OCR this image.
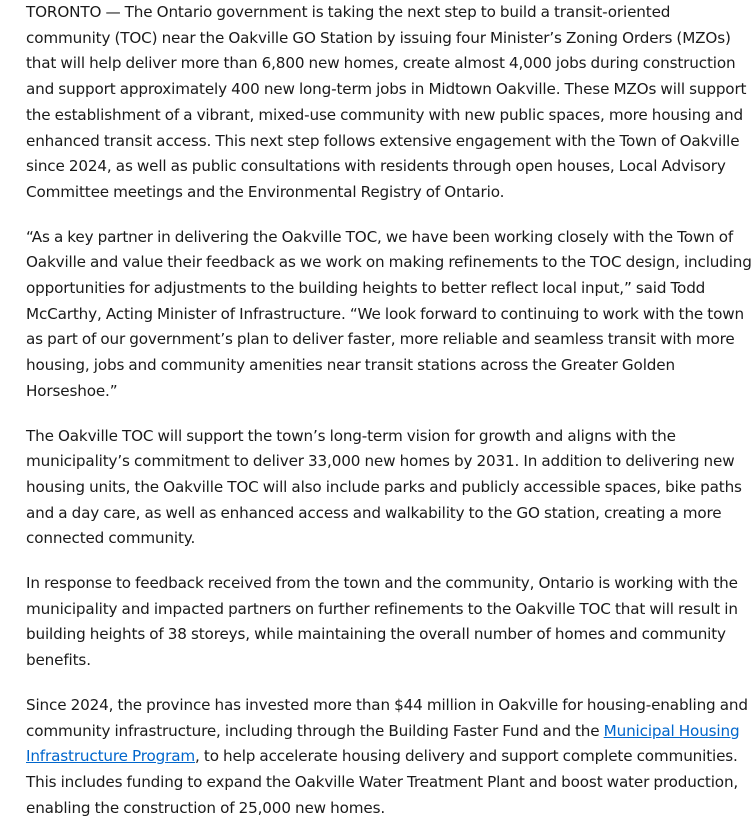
TORONTO — The Ontario government is taking the next step to build a transit-oriented community (TOC) near the Oakville GO Station by issuing four Minister’s Zoning Orders (MZOs) that will help deliver more than 6,800 new homes, create almost 4,000 jobs during construction and support approximately 400 new long-term jobs in Midtown Oakville. These MZOs will support the establishment of a vibrant, mixed-use community with new public spaces, more housing and enhanced transit access. This next step follows extensive engagement with the Town of Oakville since 2024, as well as public consultations with residents through open houses, Local Advisory Committee meetings and the Environmental Registry of Ontario.

“As a key partner in delivering the Oakville TOC, we have been working closely with the Town of Oakville and value their feedback as we work on making refinements to the TOC design, including opportunities for adjustments to the building heights to better reflect local input,” said Todd McCarthy, Acting Minister of Infrastructure. “We look forward to continuing to work with the town as part of our government’s plan to deliver faster, more reliable and seamless transit with more housing, jobs and community amenities near transit stations across the Greater Golden Horseshoe.”

The Oakville TOC will support the town’s long-term vision for growth and aligns with the municipality’s commitment to deliver 33,000 new homes by 2031. In addition to delivering new housing units, the Oakville TOC will also include parks and publicly accessible spaces, bike paths and a day care, as well as enhanced access and walkability to the GO station, creating a more connected community.

In response to feedback received from the town and the community, Ontario is working with the municipality and impacted partners on further refinements to the Oakville TOC that will result in building heights of 38 storeys, while maintaining the overall number of homes and community benefits.

Since 2024, the province has invested more than $44 million in Oakville for housing-enabling and community infrastructure, including through the Building Faster Fund and the Municipal Housing Infrastructure Program, to help accelerate housing delivery and support complete communities. This includes funding to expand the Oakville Water Treatment Plant and boost water production, enabling the construction of 25,000 new homes.
